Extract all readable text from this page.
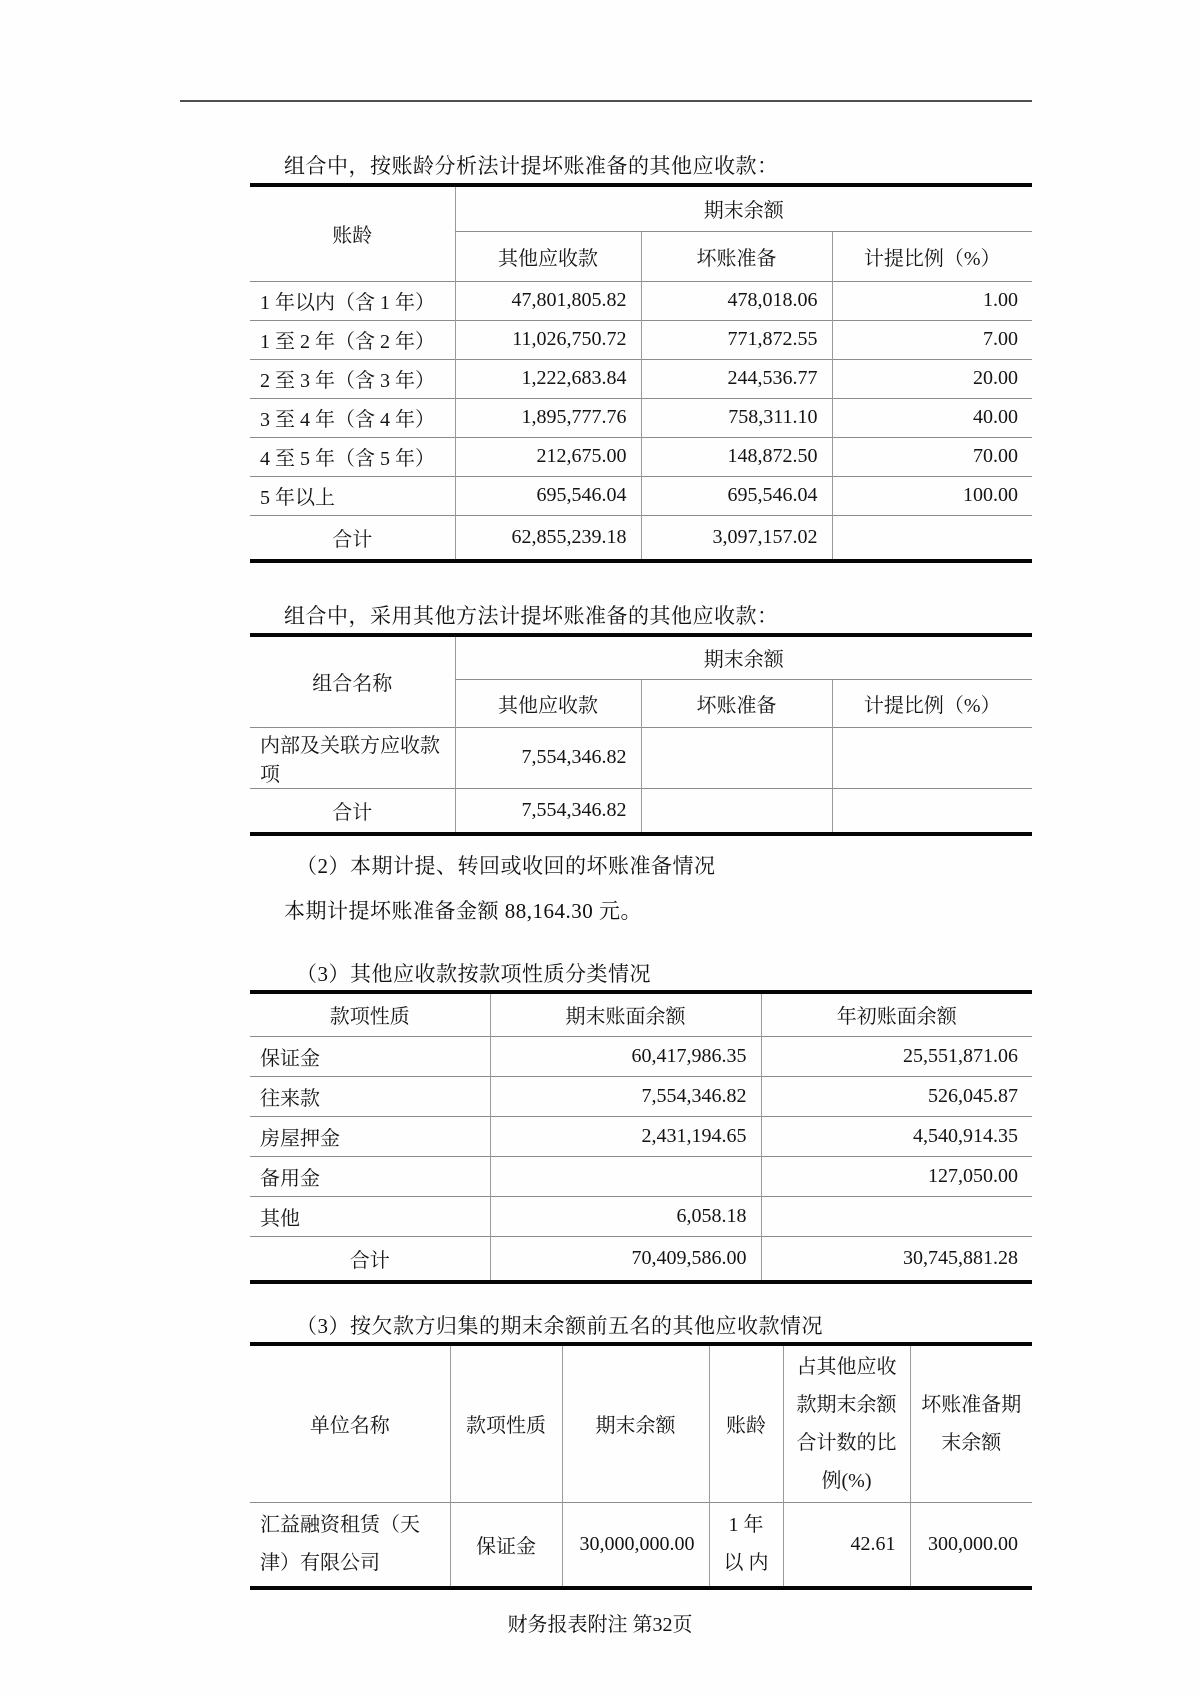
组合中，按账龄分析法计提坏账准备的其他应收款：
账龄	期末余额		
	其他应收款	坏账准备	计提比例（%）
1 年以内（含 1 年）	47,801,805.82	478,018.06	1.00
1 至 2 年（含 2 年）	11,026,750.72	771,872.55	7.00
2 至 3 年（含 3 年）	1,222,683.84	244,536.77	20.00
3 至 4 年（含 4 年）	1,895,777.76	758,311.10	40.00
4 至 5 年（含 5 年）	212,675.00	148,872.50	70.00
5 年以上	695,546.04	695,546.04	100.00
合计	62,855,239.18	3,097,157.02	
组合中，采用其他方法计提坏账准备的其他应收款：
组合名称	期末余额		
	其他应收款	坏账准备	计提比例（%）
内部及关联方应收款项	7,554,346.82		
合计	7,554,346.82		
（2）本期计提、转回或收回的坏账准备情况
本期计提坏账准备金额 88,164.30 元。
（3）其他应收款按款项性质分类情况
款项性质	期末账面余额	年初账面余额
保证金	60,417,986.35	25,551,871.06
往来款	7,554,346.82	526,045.87
房屋押金	2,431,194.65	4,540,914.35
备用金		127,050.00
其他	6,058.18	
合计	70,409,586.00	30,745,881.28
（3）按欠款方归集的期末余额前五名的其他应收款情况
单位名称	款项性质	期末余额	账龄	占其他应收款期末余额合计数的比例(%)	坏账准备期末余额
汇益融资租赁（天津）有限公司	保证金	30,000,000.00	1 年以 内	42.61	300,000.00
财务报表附注 第32页
